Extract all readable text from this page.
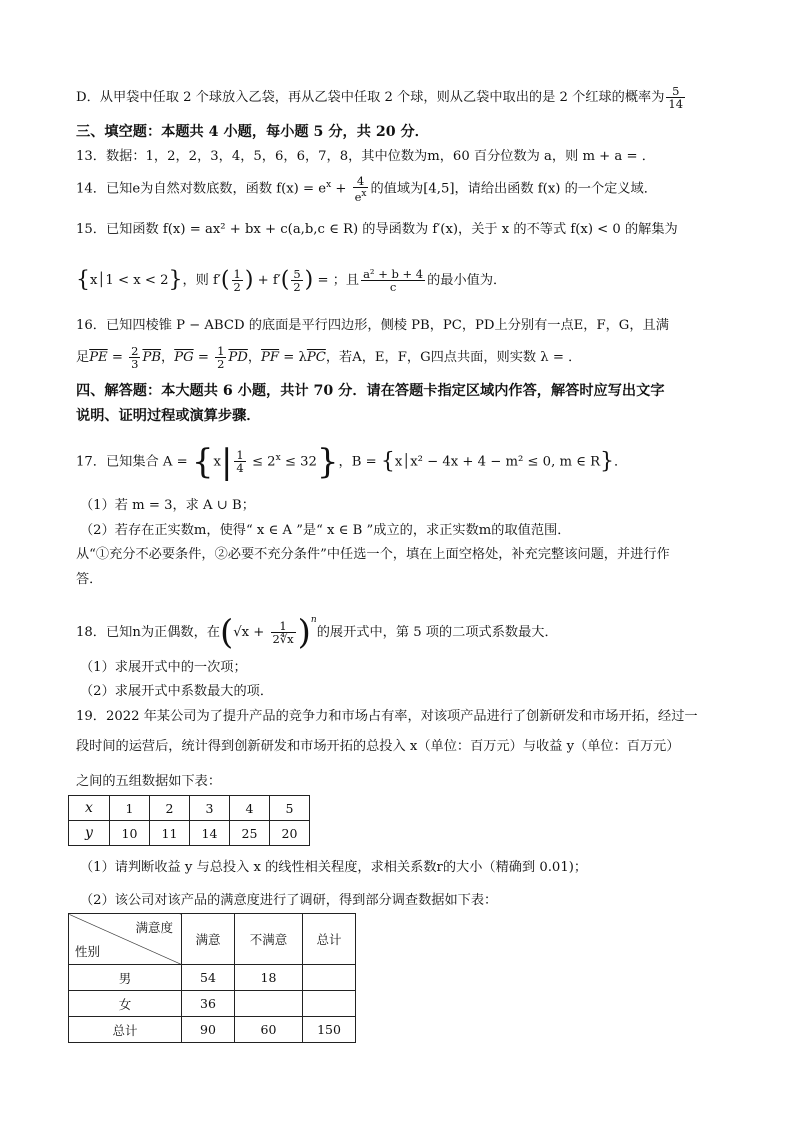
D．从甲袋中任取 2 个球放入乙袋，再从乙袋中任取 2 个球，则从乙袋中取出的是 2 个红球的概率为 $\frac{5}{14}$
三、填空题：本题共 4 小题，每小题 5 分，共 20 分．
13．数据：1，2，2，3，4，5，6，6，7，8，其中位数为m，60 百分位数为 a，则 m + a = ．
14．已知e为自然对数底数，函数 $f(x) = e^x + \frac{4}{e^x}$ 的值域为[4,5]，请给出函数 f(x) 的一个定义域．
15．已知函数 f(x) = ax² + bx + c(a,b,c ∈ R) 的导函数为 f′(x)，关于 x 的不等式 f(x) < 0 的解集为
{x│1 < x < 2}，则 $f'( \frac{1}{2}$ ) + $f'( \frac{5}{2}$ ) = ；且 $\frac{\text{a² + b + 4}}{c}$ 的最小值为．
16．已知四棱锥 P − ABCD 的底面是平行四边形，侧棱 PB，PC，PD上分别有一点E，F，G，且满
足$\overline{PE} = \frac{2}{3} \overline{PB}$，$\overline{PG} = \frac{1}{2} \overline{PD}$，$\overline{PF} = \lambda\overline{PC}$，若A，E，F，G四点共面，则实数 λ = ．
四、解答题：本大题共 6 小题，共计 70 分．请在答题卡指定区域内作答，解答时应写出文字
说明、证明过程或演算步骤．
17．已知集合 $A = \{x| \frac{1}{4} \le 2^x \le 32\}$，B = {x│x² − 4x + 4 − m² ≤ 0, m ∈ R}．
（1）若 m = 3，求 A ∪ B；
（2）若存在正实数m，使得“ x ∈ A ”是“ x ∈ B ”成立的，求正实数m的取值范围．
从“①充分不必要条件，②必要不充分条件”中任选一个，填在上面空格处，补充完整该问题，并进行作
答．
18．已知n为正偶数，在$(√x + \frac{1}{2∜x} )^n$的展开式中，第 5 项的二项式系数最大．
（1）求展开式中的一次项；
（2）求展开式中系数最大的项．
19．2022 年某公司为了提升产品的竞争力和市场占有率，对该项产品进行了创新研发和市场开拓，经过一
段时间的运营后，统计得到创新研发和市场开拓的总投入 x（单位：百万元）与收益 y（单位：百万元）
之间的五组数据如下表：
x	1	2	3	4	5
y	10	11	14	25	20
（1）请判断收益 y 与总投入 x 的线性相关程度，求相关系数r的大小（精确到 0.01)；
（2）该公司对该产品的满意度进行了调研，得到部分调查数据如下表：
满意度
性别	满意	不满意	总计
男	54	18	
女	36		
总计	90	60	150
